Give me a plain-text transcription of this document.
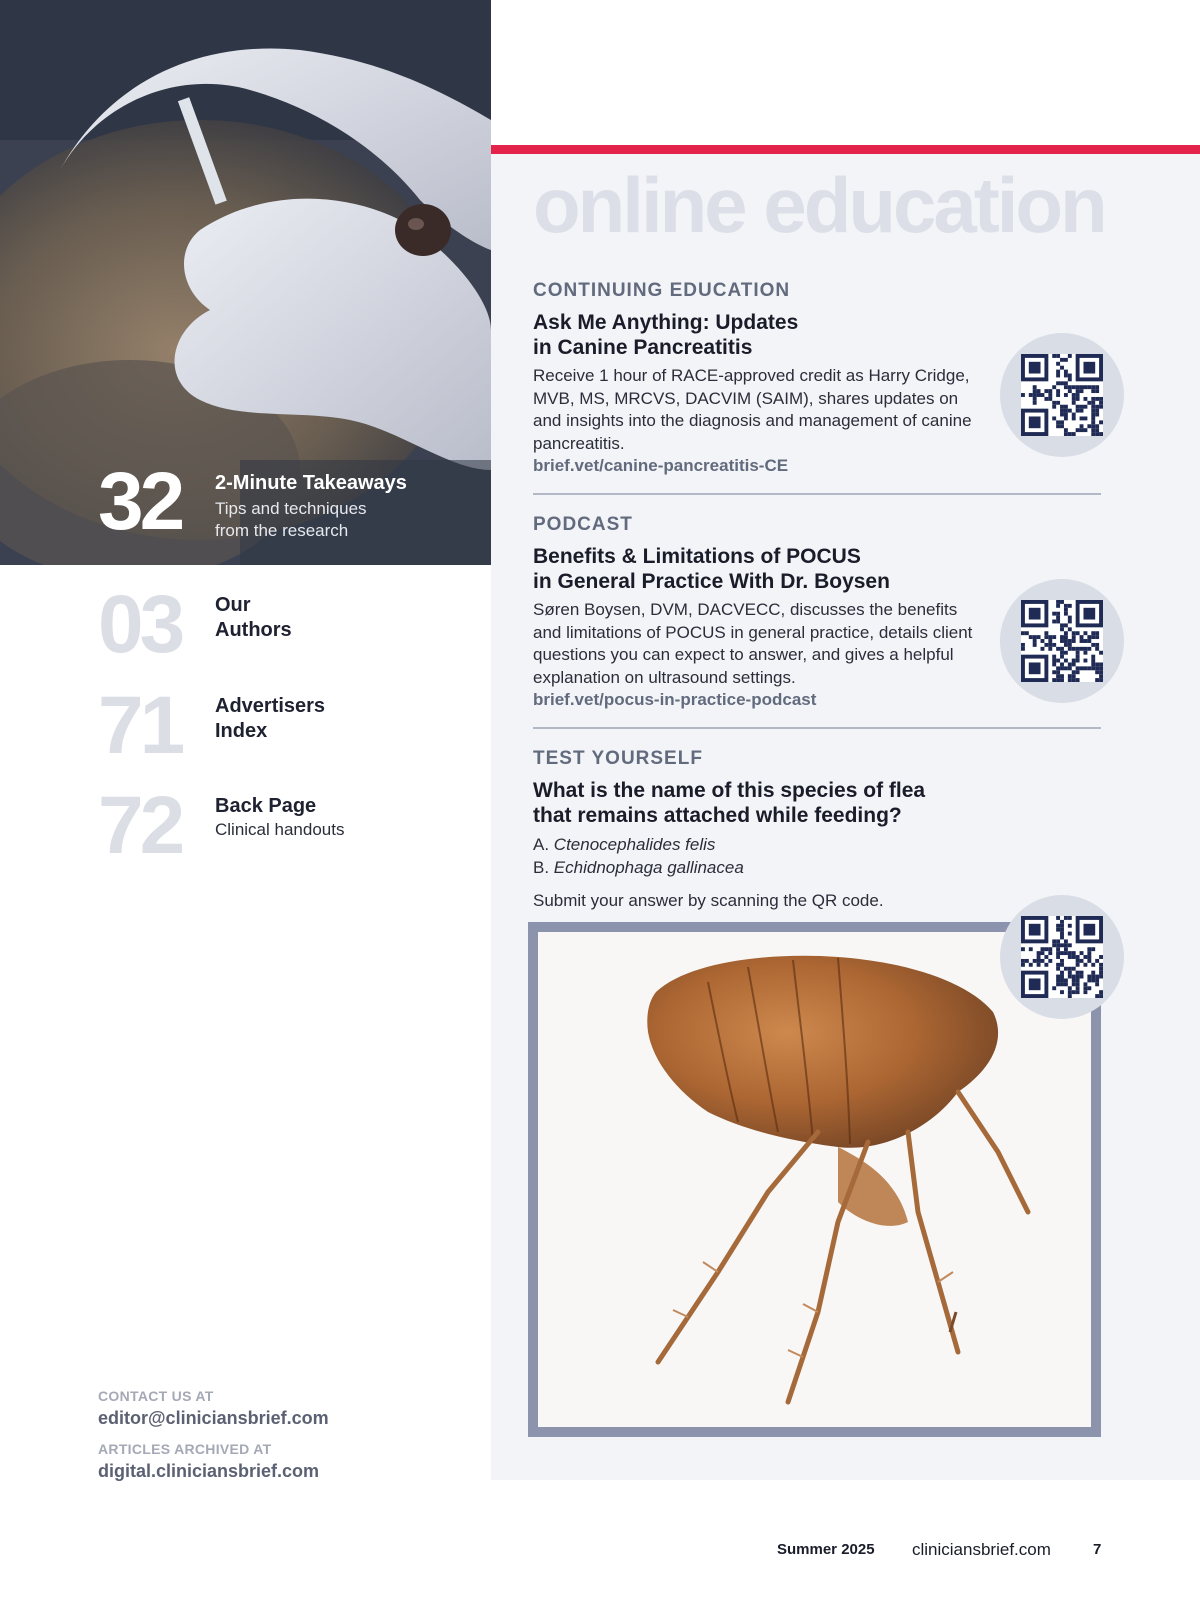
32 2-Minute Takeaways
Tips and techniques
from the research
03 Our
Authors
71 Advertisers
Index
72 Back Page
Clinical handouts
CONTACT US AT
editor@cliniciansbrief.com
ARTICLES ARCHIVED AT
digital.cliniciansbrief.com
online education
CONTINUING EDUCATION
Ask Me Anything: Updates
in Canine Pancreatitis
Receive 1 hour of RACE-approved credit as Harry Cridge, MVB, MS, MRCVS, DACVIM (SAIM), shares updates on and insights into the diagnosis and management of canine pancreatitis.
brief.vet/canine-pancreatitis-CE
PODCAST
Benefits & Limitations of POCUS
in General Practice With Dr. Boysen
Søren Boysen, DVM, DACVECC, discusses the benefits and limitations of POCUS in general practice, details client questions you can expect to answer, and gives a helpful explanation on ultrasound settings.
brief.vet/pocus-in-practice-podcast
TEST YOURSELF
What is the name of this species of flea
that remains attached while feeding?
A. Ctenocephalides felis
B. Echidnophaga gallinacea
Submit your answer by scanning the QR code.
Summer 2025 cliniciansbrief.com	7
